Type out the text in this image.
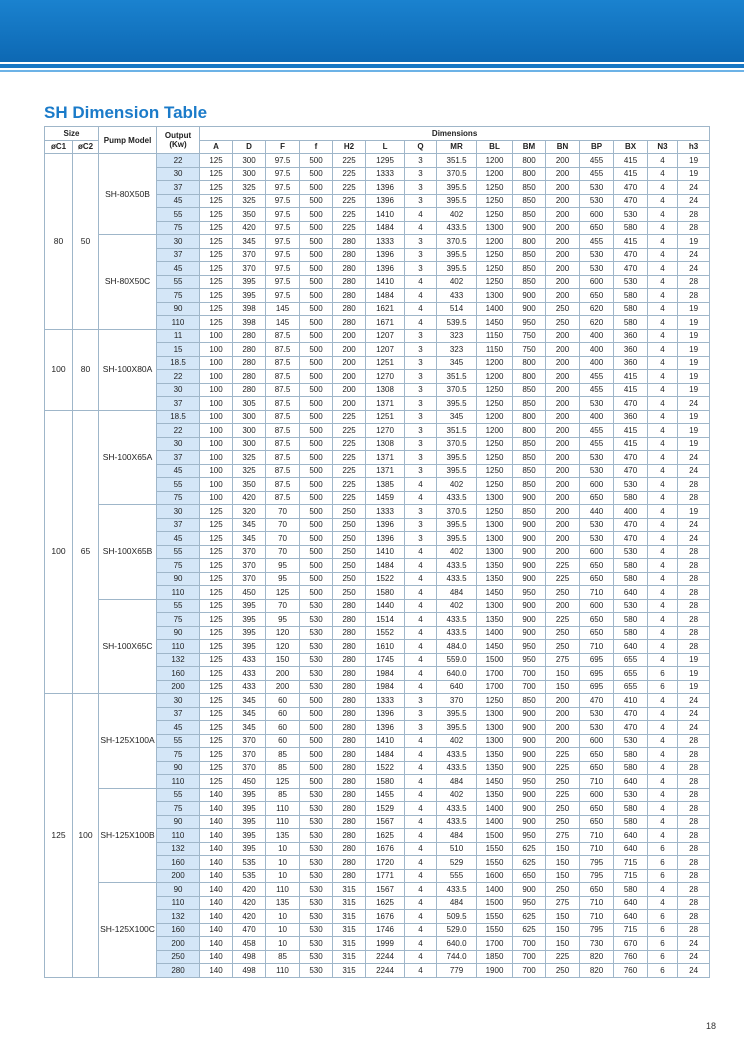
SH Dimension Table
Size		Pump Model	Output (Kw)	Dimensions														
øC1	øC2			A	D	F	f	H2	L	Q	MR	BL	BM	BN	BP	BX	N3	h3
80	50	SH-80X50B	22	125	300	97.5	500	225	1295	3	351.5	1200	800	200	455	415	4	19
			30	125	300	97.5	500	225	1333	3	370.5	1200	800	200	455	415	4	19
			37	125	325	97.5	500	225	1396	3	395.5	1250	850	200	530	470	4	24
			45	125	325	97.5	500	225	1396	3	395.5	1250	850	200	530	470	4	24
			55	125	350	97.5	500	225	1410	4	402	1250	850	200	600	530	4	28
			75	125	420	97.5	500	225	1484	4	433.5	1300	900	200	650	580	4	28
		SH-80X50C	30	125	345	97.5	500	280	1333	3	370.5	1200	800	200	455	415	4	19
			37	125	370	97.5	500	280	1396	3	395.5	1250	850	200	530	470	4	24
			45	125	370	97.5	500	280	1396	3	395.5	1250	850	200	530	470	4	24
			55	125	395	97.5	500	280	1410	4	402	1250	850	200	600	530	4	28
			75	125	395	97.5	500	280	1484	4	433	1300	900	200	650	580	4	28
			90	125	398	145	500	280	1621	4	514	1400	900	250	620	580	4	19
			110	125	398	145	500	280	1671	4	539.5	1450	950	250	620	580	4	19
100	80	SH-100X80A	11	100	280	87.5	500	200	1207	3	323	1150	750	200	400	360	4	19
			15	100	280	87.5	500	200	1207	3	323	1150	750	200	400	360	4	19
			18.5	100	280	87.5	500	200	1251	3	345	1200	800	200	400	360	4	19
			22	100	280	87.5	500	200	1270	3	351.5	1200	800	200	455	415	4	19
			30	100	280	87.5	500	200	1308	3	370.5	1250	850	200	455	415	4	19
			37	100	305	87.5	500	200	1371	3	395.5	1250	850	200	530	470	4	24
100	65	SH-100X65A	18.5	100	300	87.5	500	225	1251	3	345	1200	800	200	400	360	4	19
			22	100	300	87.5	500	225	1270	3	351.5	1200	800	200	455	415	4	19
			30	100	300	87.5	500	225	1308	3	370.5	1250	850	200	455	415	4	19
			37	100	325	87.5	500	225	1371	3	395.5	1250	850	200	530	470	4	24
			45	100	325	87.5	500	225	1371	3	395.5	1250	850	200	530	470	4	24
			55	100	350	87.5	500	225	1385	4	402	1250	850	200	600	530	4	28
			75	100	420	87.5	500	225	1459	4	433.5	1300	900	200	650	580	4	28
		SH-100X65B	30	125	320	70	500	250	1333	3	370.5	1250	850	200	440	400	4	19
			37	125	345	70	500	250	1396	3	395.5	1300	900	200	530	470	4	24
			45	125	345	70	500	250	1396	3	395.5	1300	900	200	530	470	4	24
			55	125	370	70	500	250	1410	4	402	1300	900	200	600	530	4	28
			75	125	370	95	500	250	1484	4	433.5	1350	900	225	650	580	4	28
			90	125	370	95	500	250	1522	4	433.5	1350	900	225	650	580	4	28
			110	125	450	125	500	250	1580	4	484	1450	950	250	710	640	4	28
		SH-100X65C	55	125	395	70	530	280	1440	4	402	1300	900	200	600	530	4	28
			75	125	395	95	530	280	1514	4	433.5	1350	900	225	650	580	4	28
			90	125	395	120	530	280	1552	4	433.5	1400	900	250	650	580	4	28
			110	125	395	120	530	280	1610	4	484.0	1450	950	250	710	640	4	28
			132	125	433	150	530	280	1745	4	559.0	1500	950	275	695	655	4	19
			160	125	433	200	530	280	1984	4	640.0	1700	700	150	695	655	6	19
			200	125	433	200	530	280	1984	4	640	1700	700	150	695	655	6	19
125	100	SH-125X100A	30	125	345	60	500	280	1333	3	370	1250	850	200	470	410	4	24
			37	125	345	60	500	280	1396	3	395.5	1300	900	200	530	470	4	24
			45	125	345	60	500	280	1396	3	395.5	1300	900	200	530	470	4	24
			55	125	370	60	500	280	1410	4	402	1300	900	200	600	530	4	28
			75	125	370	85	500	280	1484	4	433.5	1350	900	225	650	580	4	28
			90	125	370	85	500	280	1522	4	433.5	1350	900	225	650	580	4	28
			110	125	450	125	500	280	1580	4	484	1450	950	250	710	640	4	28
		SH-125X100B	55	140	395	85	530	280	1455	4	402	1350	900	225	600	530	4	28
			75	140	395	110	530	280	1529	4	433.5	1400	900	250	650	580	4	28
			90	140	395	110	530	280	1567	4	433.5	1400	900	250	650	580	4	28
			110	140	395	135	530	280	1625	4	484	1500	950	275	710	640	4	28
			132	140	395	10	530	280	1676	4	510	1550	625	150	710	640	6	28
			160	140	535	10	530	280	1720	4	529	1550	625	150	795	715	6	28
			200	140	535	10	530	280	1771	4	555	1600	650	150	795	715	6	28
		SH-125X100C	90	140	420	110	530	315	1567	4	433.5	1400	900	250	650	580	4	28
			110	140	420	135	530	315	1625	4	484	1500	950	275	710	640	4	28
			132	140	420	10	530	315	1676	4	509.5	1550	625	150	710	640	6	28
			160	140	470	10	530	315	1746	4	529.0	1550	625	150	795	715	6	28
			200	140	458	10	530	315	1999	4	640.0	1700	700	150	730	670	6	24
			250	140	498	85	530	315	2244	4	744.0	1850	700	225	820	760	6	24
			280	140	498	110	530	315	2244	4	779	1900	700	250	820	760	6	24
18
